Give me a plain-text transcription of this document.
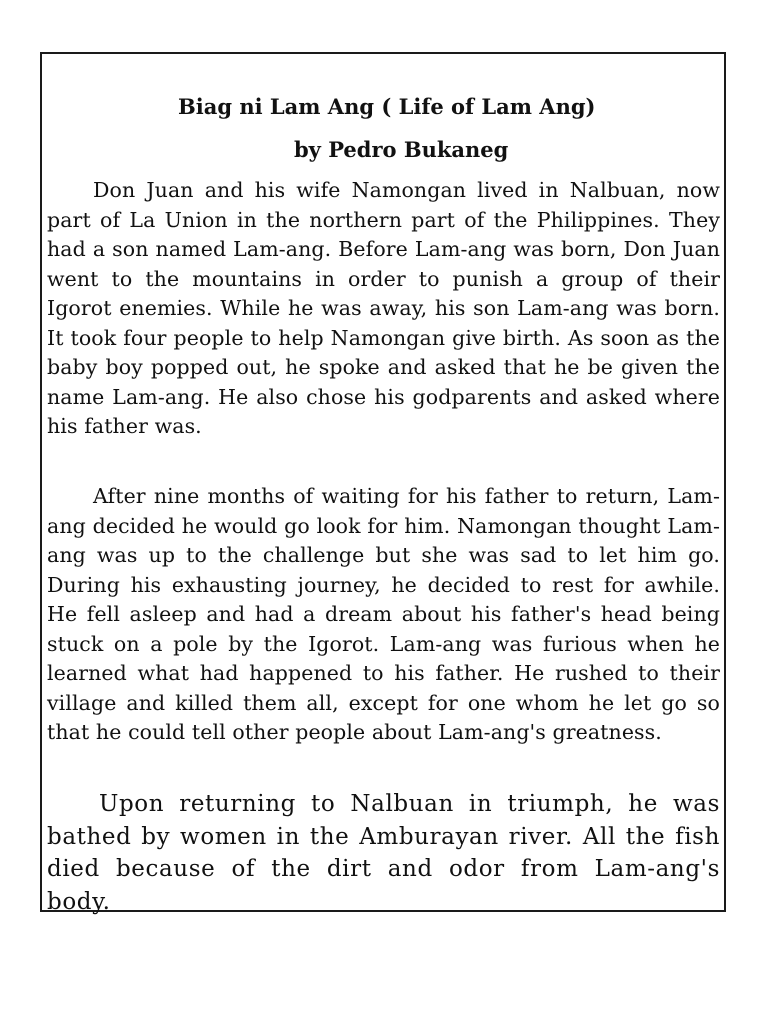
Biag ni Lam Ang ( Life of Lam Ang)
by Pedro Bukaneg

Don Juan and his wife Namongan lived in Nalbuan, now part of La Union in the northern part of the Philippines. They had a son named Lam-ang. Before Lam-ang was born, Don Juan went to the mountains in order to punish a group of their Igorot enemies. While he was away, his son Lam-ang was born. It took four people to help Namongan give birth. As soon as the baby boy popped out, he spoke and asked that he be given the name Lam-ang. He also chose his godparents and asked where his father was.

After nine months of waiting for his father to return, Lam-ang decided he would go look for him. Namongan thought Lam-ang was up to the challenge but she was sad to let him go. During his exhausting journey, he decided to rest for awhile. He fell asleep and had a dream about his father's head being stuck on a pole by the Igorot. Lam-ang was furious when he learned what had happened to his father. He rushed to their village and killed them all, except for one whom he let go so that he could tell other people about Lam-ang's greatness.

Upon returning to Nalbuan in triumph, he was bathed by women in the Amburayan river. All the fish died because of the dirt and odor from Lam-ang's body.
